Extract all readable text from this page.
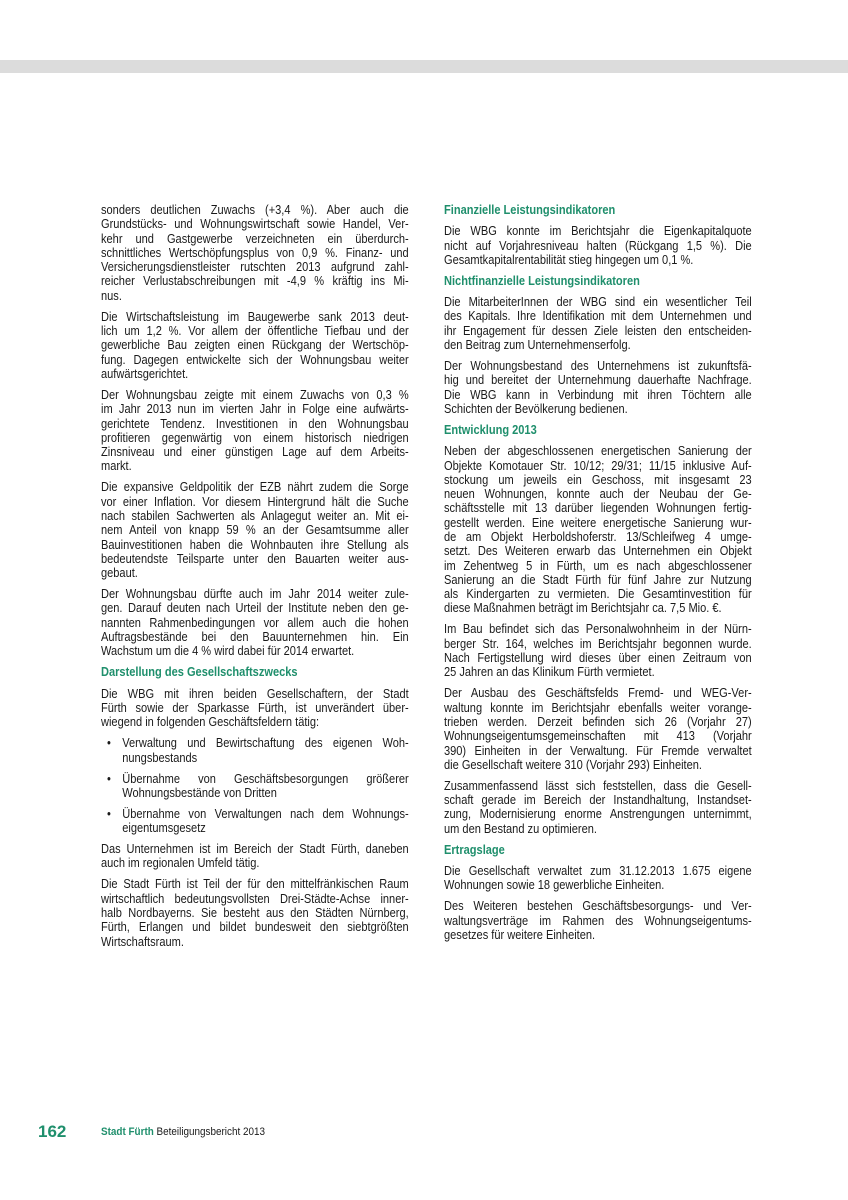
sonders deutlichen Zuwachs (+3,4 %). Aber auch die
Grundstücks- und Wohnungswirtschaft sowie Handel, Ver-
kehr und Gastgewerbe verzeichneten ein überdurch-
schnittliches Wertschöpfungsplus von 0,9 %. Finanz- und
Versicherungsdienstleister rutschten 2013 aufgrund zahl-
reicher Verlustabschreibungen mit -4,9 % kräftig ins Mi-
nus.
Die Wirtschaftsleistung im Baugewerbe sank 2013 deut-
lich um 1,2 %. Vor allem der öffentliche Tiefbau und der
gewerbliche Bau zeigten einen Rückgang der Wertschöp-
fung. Dagegen entwickelte sich der Wohnungsbau weiter
aufwärtsgerichtet.
Der Wohnungsbau zeigte mit einem Zuwachs von 0,3 %
im Jahr 2013 nun im vierten Jahr in Folge eine aufwärts-
gerichtete Tendenz. Investitionen in den Wohnungsbau
profitieren gegenwärtig von einem historisch niedrigen
Zinsniveau und einer günstigen Lage auf dem Arbeits-
markt.
Die expansive Geldpolitik der EZB nährt zudem die Sorge
vor einer Inflation. Vor diesem Hintergrund hält die Suche
nach stabilen Sachwerten als Anlagegut weiter an. Mit ei-
nem Anteil von knapp 59 % an der Gesamtsumme aller
Bauinvestitionen haben die Wohnbauten ihre Stellung als
bedeutendste Teilsparte unter den Bauarten weiter aus-
gebaut.
Der Wohnungsbau dürfte auch im Jahr 2014 weiter zule-
gen. Darauf deuten nach Urteil der Institute neben den ge-
nannten Rahmenbedingungen vor allem auch die hohen
Auftragsbestände bei den Bauunternehmen hin. Ein
Wachstum um die 4 % wird dabei für 2014 erwartet.
Darstellung des Gesellschaftszwecks
Die WBG mit ihren beiden Gesellschaftern, der Stadt
Fürth sowie der Sparkasse Fürth, ist unverändert über-
wiegend in folgenden Geschäftsfeldern tätig:
• Verwaltung und Bewirtschaftung des eigenen Woh-
nungsbestands
• Übernahme von Geschäftsbesorgungen größerer
Wohnungsbestände von Dritten
• Übernahme von Verwaltungen nach dem Wohnungs-
eigentumsgesetz
Das Unternehmen ist im Bereich der Stadt Fürth, daneben
auch im regionalen Umfeld tätig.
Die Stadt Fürth ist Teil der für den mittelfränkischen Raum
wirtschaftlich bedeutungsvollsten Drei-Städte-Achse inner-
halb Nordbayerns. Sie besteht aus den Städten Nürnberg,
Fürth, Erlangen und bildet bundesweit den siebtgrößten
Wirtschaftsraum.
Finanzielle Leistungsindikatoren
Die WBG konnte im Berichtsjahr die Eigenkapitalquote
nicht auf Vorjahresniveau halten (Rückgang 1,5 %). Die
Gesamtkapitalrentabilität stieg hingegen um 0,1 %.
Nichtfinanzielle Leistungsindikatoren
Die MitarbeiterInnen der WBG sind ein wesentlicher Teil
des Kapitals. Ihre Identifikation mit dem Unternehmen und
ihr Engagement für dessen Ziele leisten den entscheiden-
den Beitrag zum Unternehmenserfolg.
Der Wohnungsbestand des Unternehmens ist zukunftsfä-
hig und bereitet der Unternehmung dauerhafte Nachfrage.
Die WBG kann in Verbindung mit ihren Töchtern alle
Schichten der Bevölkerung bedienen.
Entwicklung 2013
Neben der abgeschlossenen energetischen Sanierung der
Objekte Komotauer Str. 10/12; 29/31; 11/15 inklusive Auf-
stockung um jeweils ein Geschoss, mit insgesamt 23
neuen Wohnungen, konnte auch der Neubau der Ge-
schäftsstelle mit 13 darüber liegenden Wohnungen fertig-
gestellt werden. Eine weitere energetische Sanierung wur-
de am Objekt Herboldshoferstr. 13/Schleifweg 4 umge-
setzt. Des Weiteren erwarb das Unternehmen ein Objekt
im Zehentweg 5 in Fürth, um es nach abgeschlossener
Sanierung an die Stadt Fürth für fünf Jahre zur Nutzung
als Kindergarten zu vermieten. Die Gesamtinvestition für
diese Maßnahmen beträgt im Berichtsjahr ca. 7,5 Mio. €.
Im Bau befindet sich das Personalwohnheim in der Nürn-
berger Str. 164, welches im Berichtsjahr begonnen wurde.
Nach Fertigstellung wird dieses über einen Zeitraum von
25 Jahren an das Klinikum Fürth vermietet.
Der Ausbau des Geschäftsfelds Fremd- und WEG-Ver-
waltung konnte im Berichtsjahr ebenfalls weiter vorange-
trieben werden. Derzeit befinden sich 26 (Vorjahr 27)
Wohnungseigentumsgemeinschaften mit 413 (Vorjahr
390) Einheiten in der Verwaltung. Für Fremde verwaltet
die Gesellschaft weitere 310 (Vorjahr 293) Einheiten.
Zusammenfassend lässt sich feststellen, dass die Gesell-
schaft gerade im Bereich der Instandhaltung, Instandset-
zung, Modernisierung enorme Anstrengungen unternimmt,
um den Bestand zu optimieren.
Ertragslage
Die Gesellschaft verwaltet zum 31.12.2013 1.675 eigene
Wohnungen sowie 18 gewerbliche Einheiten.
Des Weiteren bestehen Geschäftsbesorgungs- und Ver-
waltungsverträge im Rahmen des Wohnungseigentums-
gesetzes für weitere Einheiten.
162	Stadt Fürth Beteiligungsbericht 2013
